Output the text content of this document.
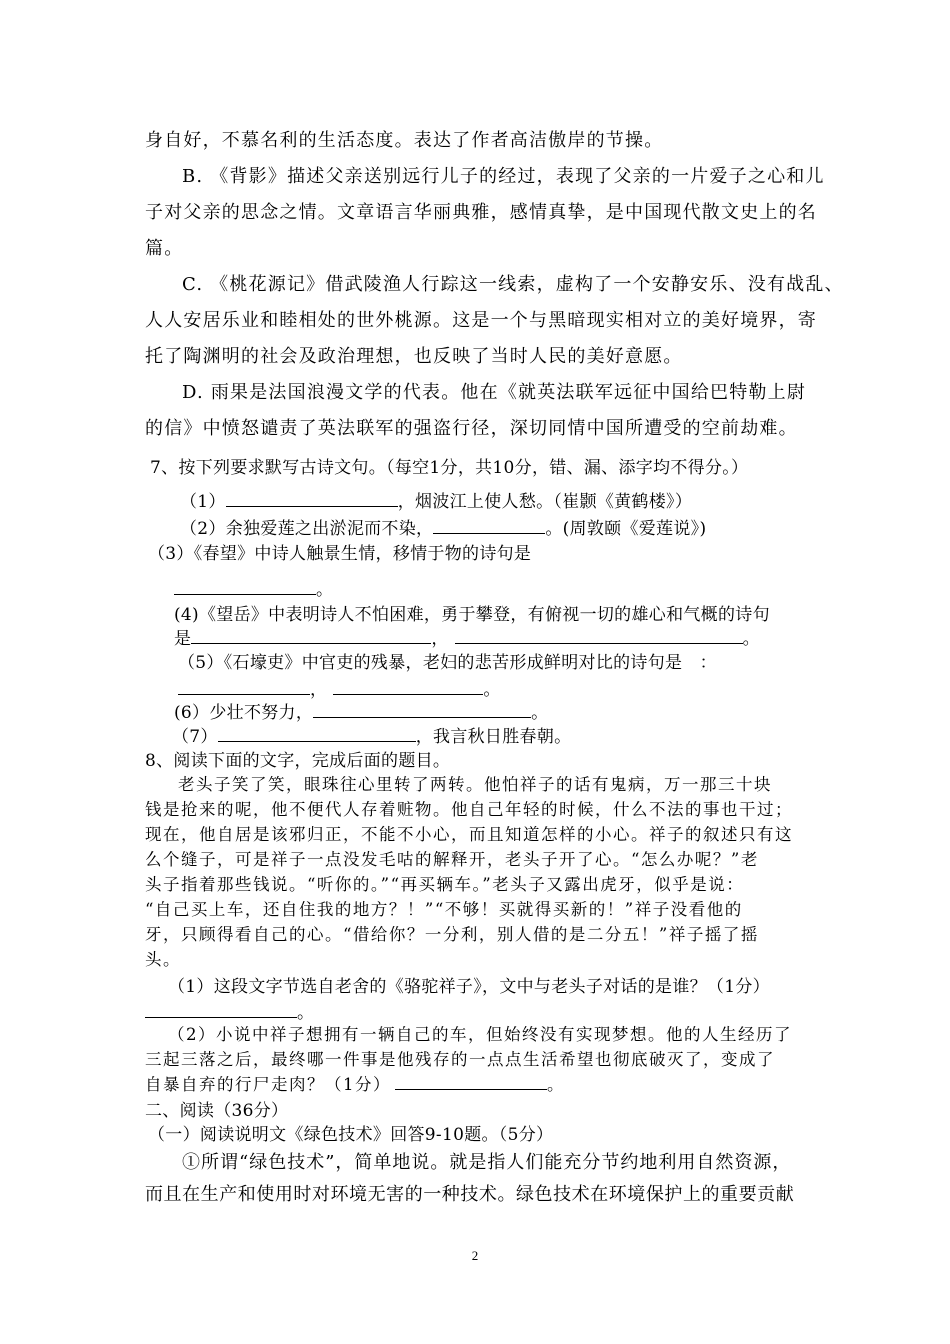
身自好，不慕名利的生活态度。表达了作者高洁傲岸的节操。
B. 《背影》描述父亲送别远行儿子的经过，表现了父亲的一片爱子之心和儿
子对父亲的思念之情。文章语言华丽典雅，感情真挚，是中国现代散文史上的名
篇。
C. 《桃花源记》借武陵渔人行踪这一线索，虚构了一个安静安乐、没有战乱、
人人安居乐业和睦相处的世外桃源。这是一个与黑暗现实相对立的美好境界，寄
托了陶渊明的社会及政治理想，也反映了当时人民的美好意愿。
D. 雨果是法国浪漫文学的代表。他在《就英法联军远征中国给巴特勒上尉
的信》中愤怒谴责了英法联军的强盗行径，深切同情中国所遭受的空前劫难。
7、按下列要求默写古诗文句。（每空1分，共10分，错、漏、添字均不得分。）
（1）	，烟波江上使人愁。（崔颢《黄鹤楼》）
（2）余独爱莲之出淤泥而不染，	。(周敦颐《爱莲说》)
（3）《春望》中诗人触景生情，移情于物的诗句是
。
(4)《望岳》中表明诗人不怕困难，勇于攀登，有俯视一切的雄心和气概的诗句
是	，	。
（5）《石壕吏》中官吏的残暴，老妇的悲苦形成鲜明对比的诗句是　：
，	。
(6）少壮不努力，	。
（7）	，我言秋日胜春朝。
8、阅读下面的文字，完成后面的题目。
老头子笑了笑，眼珠往心里转了两转。他怕祥子的话有鬼病，万一那三十块
钱是抢来的呢，他不便代人存着赃物。他自己年轻的时候，什么不法的事也干过；
现在，他自居是该邪归正，不能不小心，而且知道怎样的小心。祥子的叙述只有这
么个缝子，可是祥子一点没发毛咕的解释开，老头子开了心。“怎么办呢？”老
头子指着那些钱说。“听你的。”“再买辆车。”老头子又露出虎牙，似乎是说：
“自己买上车，还自住我的地方？！”“不够！买就得买新的！”祥子没看他的
牙，只顾得看自己的心。“借给你？一分利，别人借的是二分五！”祥子摇了摇
头。
（1）这段文字节选自老舍的《骆驼祥子》，文中与老头子对话的是谁？（1分）
。
（2）小说中祥子想拥有一辆自己的车，但始终没有实现梦想。他的人生经历了
三起三落之后，最终哪一件事是他残存的一点点生活希望也彻底破灭了，变成了
自暴自弃的行尸走肉？（1分）	。
二、阅读（36分）
（一）阅读说明文《绿色技术》回答9-10题。（5分）
①所谓“绿色技术”，简单地说。就是指人们能充分节约地利用自然资源，
而且在生产和使用时对环境无害的一种技术。绿色技术在环境保护上的重要贡献
2
